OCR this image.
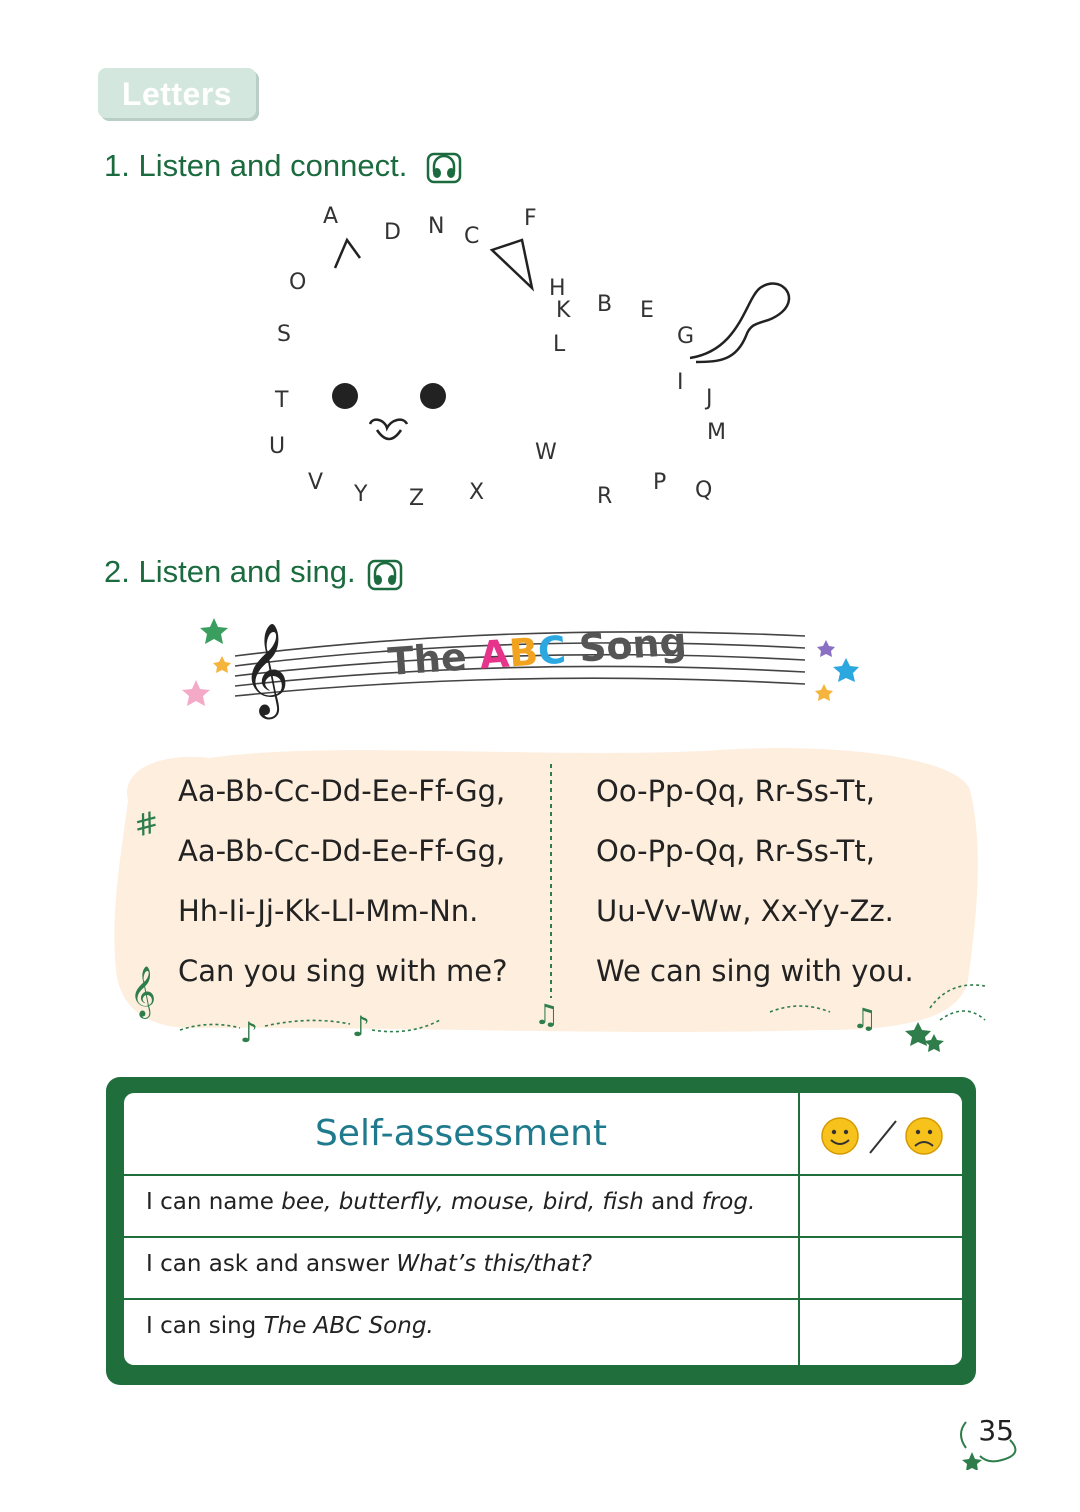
Letters
1. Listen and connect.
A
D N C
F
O	H
K B E
S	L	G
I
J
T
M
U	W
V Y Z X	R
P Q
2. Listen and sing.
𝄞	The ABC Song
#
𝄞
♪	♪	♫	♫
Aa-Bb-Cc-Dd-Ee-Ff-Gg,
Aa-Bb-Cc-Dd-Ee-Ff-Gg,
Hh-Ii-Jj-Kk-Ll-Mm-Nn.
Can you sing with me?
Oo-Pp-Qq, Rr-Ss-Tt,
Oo-Pp-Qq, Rr-Ss-Tt,
Uu-Vv-Ww, Xx-Yy-Zz.
We can sing with you.
Self-assessment
I can name bee, butterfly, mouse, bird, fish and frog.
I can ask and answer What’s this/that?
I can sing The ABC Song.
35
